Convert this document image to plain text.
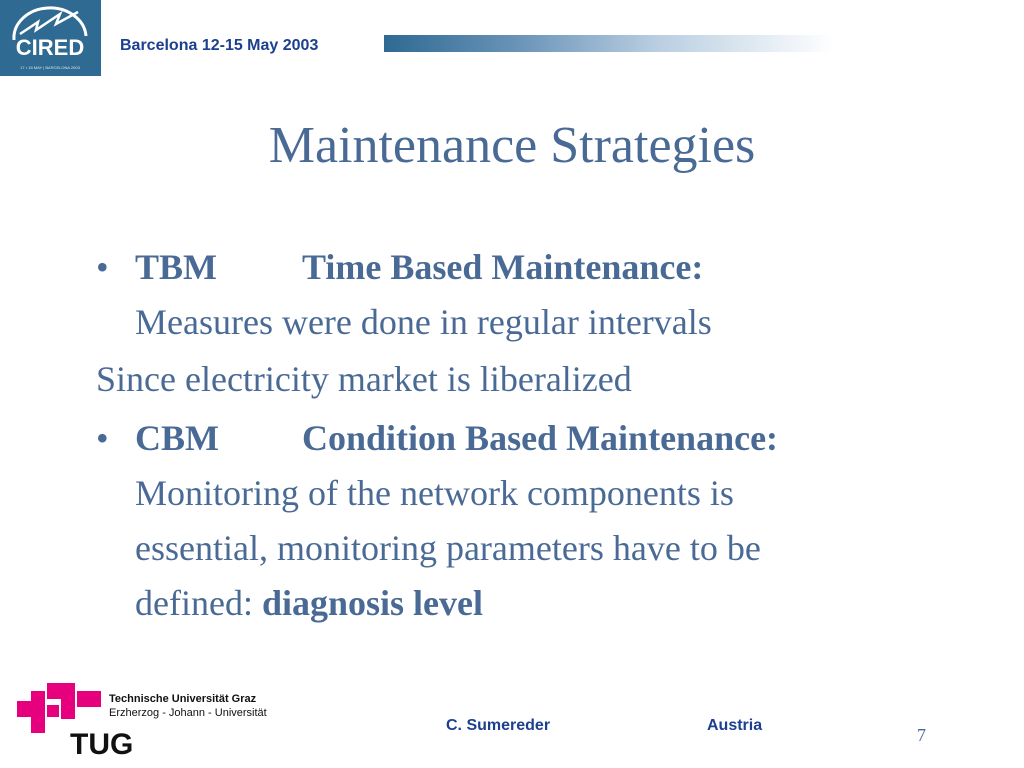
CIRED
17 • 15 MAY | BARCELONA 2003
Barcelona 12-15 May 2003
Maintenance Strategies
• TBM Time Based Maintenance:
Measures were done in regular intervals
Since electricity market is liberalized
• CBM Condition Based Maintenance:
Monitoring of the network components is
essential, monitoring parameters have to be
defined: diagnosis level
TUG
Technische Universität Graz
Erzherzog - Johann - Universität
C. Sumereder	Austria	7
